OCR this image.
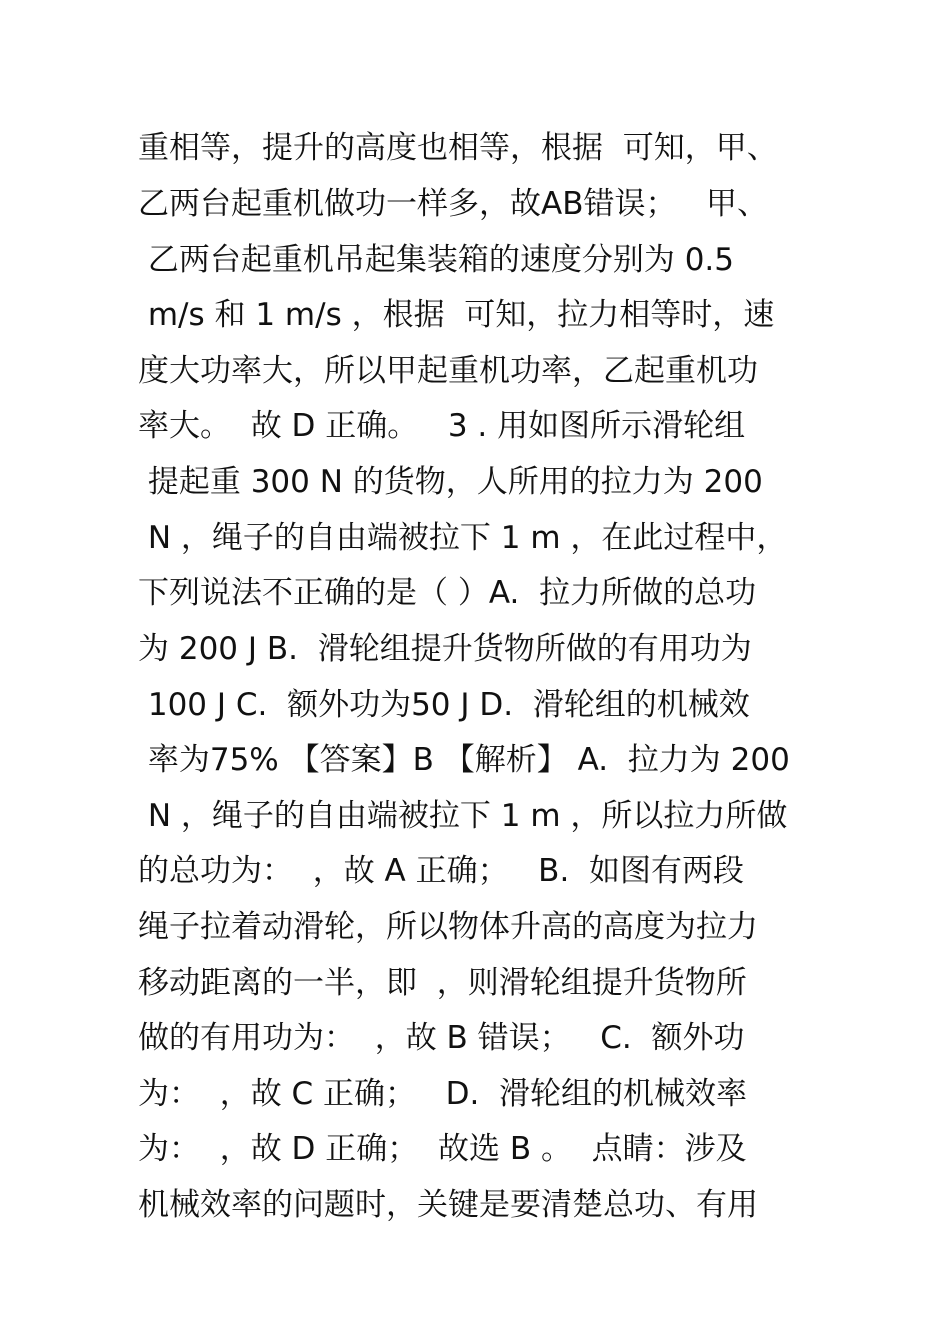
重相等，提升的高度也相等，根据  可知，甲、
乙两台起重机做功一样多，故AB错误；   甲、
乙两台起重机吊起集装箱的速度分别为 0.5
m/s 和 1 m/s ，根据  可知，拉力相等时，速
度大功率大，所以甲起重机功率，乙起重机功
率大。  故 D 正确。   3 . 用如图所示滑轮组
提起重 300 N 的货物，人所用的拉力为 200
N ，绳子的自由端被拉下 1 m ，在此过程中，
下列说法不正确的是（ ）A.  拉力所做的总功
为 200 J B.  滑轮组提升货物所做的有用功为
100 J C.  额外功为50 J D.  滑轮组的机械效
率为75% 【答案】B 【解析】 A.  拉力为 200
N ，绳子的自由端被拉下 1 m ，所以拉力所做
的总功为：  ，故 A 正确；   B.  如图有两段
绳子拉着动滑轮，所以物体升高的高度为拉力
移动距离的一半，即  ，则滑轮组提升货物所
做的有用功为：  ，故 B 错误；   C.  额外功
为：  ，故 C 正确；   D.  滑轮组的机械效率
为：  ，故 D 正确；  故选 B 。  点睛：涉及
机械效率的问题时，关键是要清楚总功、有用
